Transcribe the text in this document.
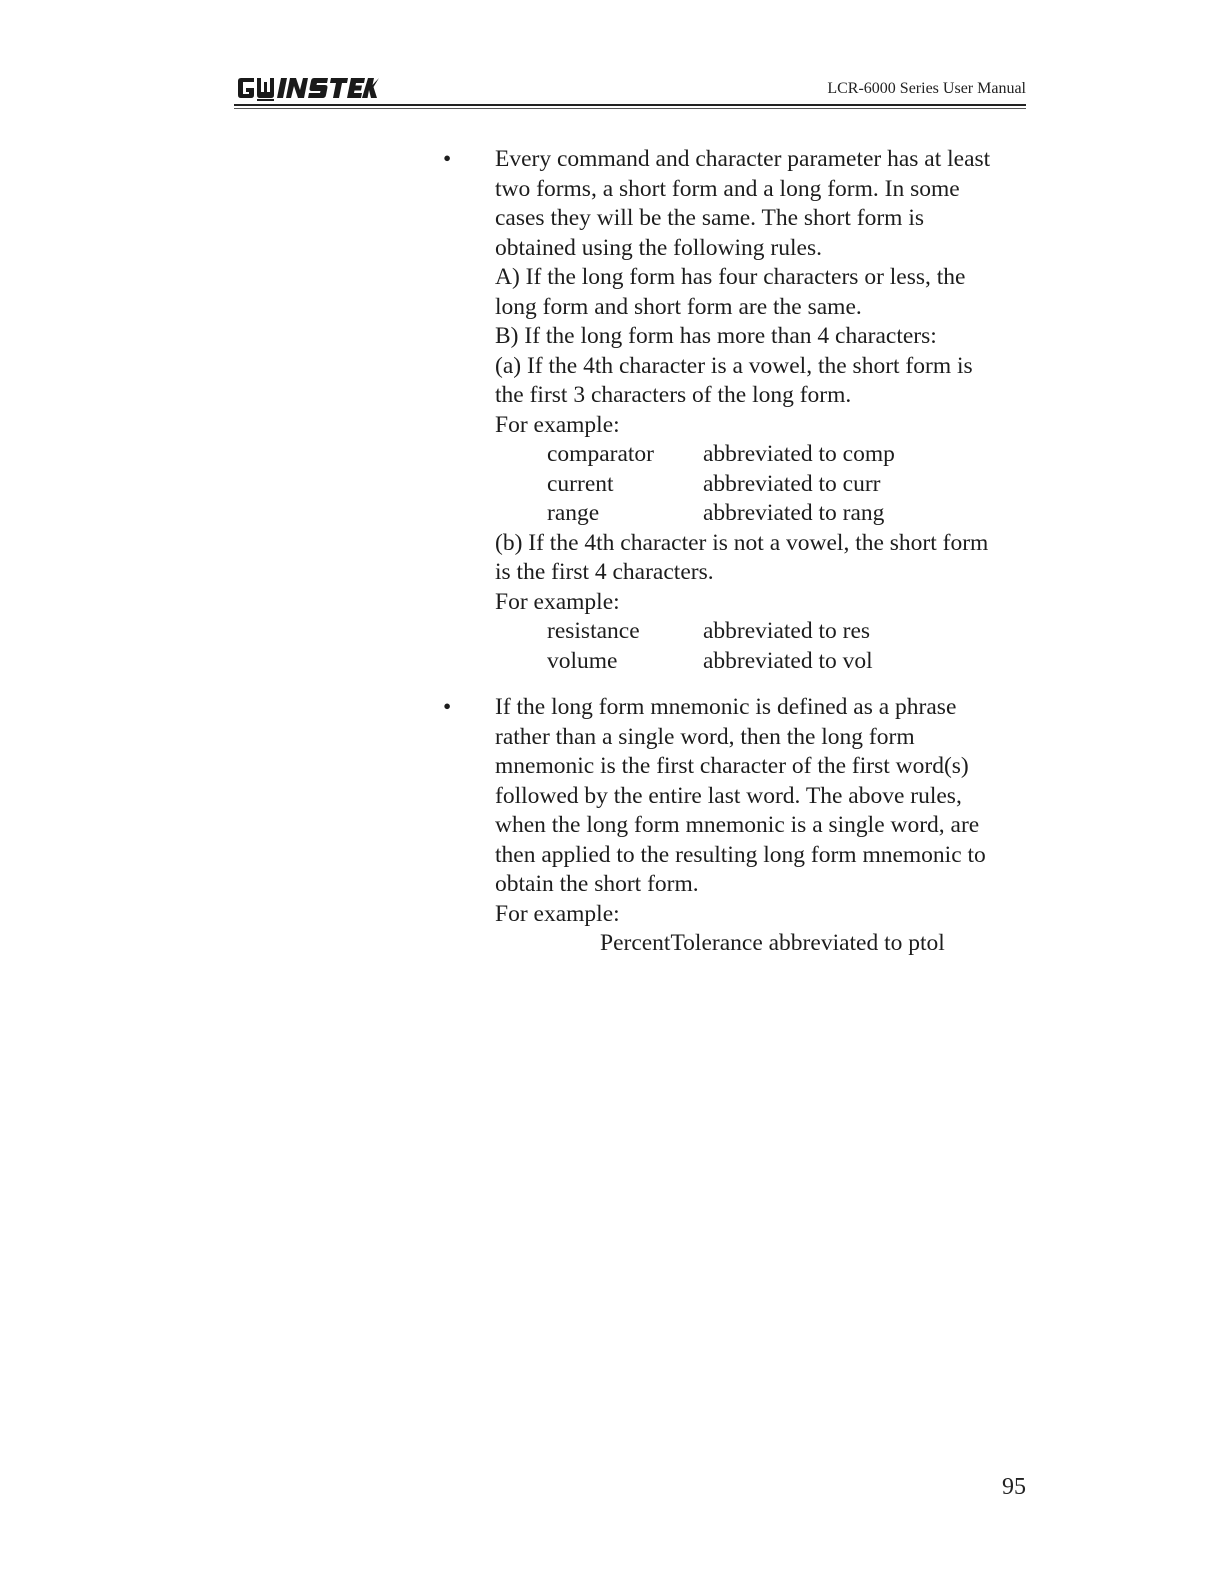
LCR-6000 Series User Manual
•	Every command and character parameter has at least
two forms, a short form and a long form. In some
cases they will be the same. The short form is
obtained using the following rules.
A) If the long form has four characters or less, the
long form and short form are the same.
B) If the long form has more than 4 characters:
(a) If the 4th character is a vowel, the short form is
the first 3 characters of the long form.
For example:
comparator	abbreviated to comp
current	abbreviated to curr
range	abbreviated to rang
(b) If the 4th character is not a vowel, the short form
is the first 4 characters.
For example:
resistance	abbreviated to res
volume	abbreviated to vol
•	If the long form mnemonic is defined as a phrase
rather than a single word, then the long form
mnemonic is the first character of the first word(s)
followed by the entire last word. The above rules,
when the long form mnemonic is a single word, are
then applied to the resulting long form mnemonic to
obtain the short form.
For example:
PercentTolerance abbreviated to ptol
95
